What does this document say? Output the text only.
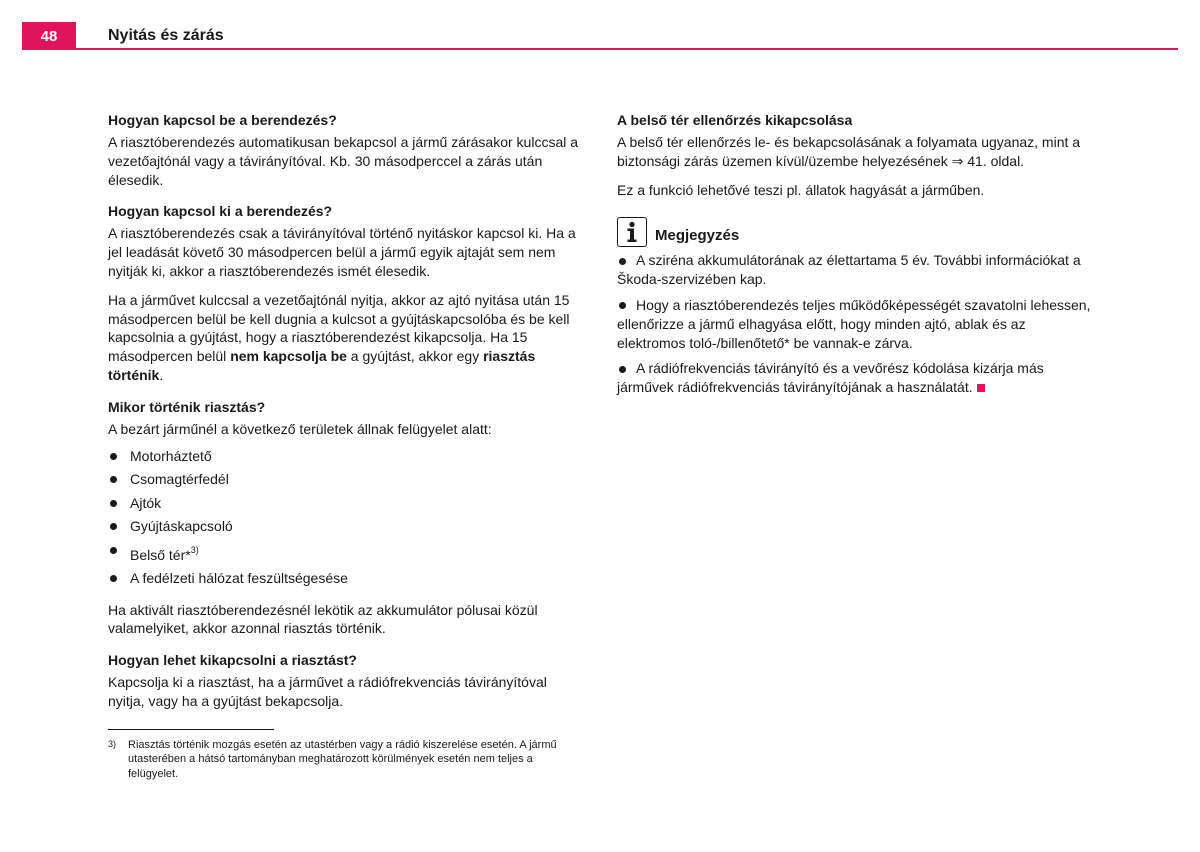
48	Nyitás és zárás
Hogyan kapcsol be a berendezés?

A riasztóberendezés automatikusan bekapcsol a jármű zárásakor kulccsal a vezetőajtónál vagy a távirányítóval. Kb. 30 másodperccel a zárás után élesedik.

Hogyan kapcsol ki a berendezés?

A riasztóberendezés csak a távirányítóval történő nyitáskor kapcsol ki. Ha a jel leadását követő 30 másodpercen belül a jármű egyik ajtaját sem nem nyitják ki, akkor a riasztóberendezés ismét élesedik.

Ha a járművet kulccsal a vezetőajtónál nyitja, akkor az ajtó nyitása után 15 másodpercen belül be kell dugnia a kulcsot a gyújtáskapcsolóba és be kell kapcsolnia a gyújtást, hogy a riasztóberendezést kikapcsolja. Ha 15 másodpercen belül nem kapcsolja be a gyújtást, akkor egy riasztás történik.

Mikor történik riasztás?

A bezárt járműnél a következő területek állnak felügyelet alatt:

Motorháztető
Csomagtérfedél
Ajtók
Gyújtáskapcsoló
Belső tér*$^{3)}$
A fedélzeti hálózat feszültségesése

Ha aktivált riasztóberendezésnél lekötik az akkumulátor pólusai közül valamelyiket, akkor azonnal riasztás történik.

Hogyan lehet kikapcsolni a riasztást?

Kapcsolja ki a riasztást, ha a járművet a rádiófrekvenciás távirányítóval nyitja, vagy ha a gyújtást bekapcsolja.

3)	Riasztás történik mozgás esetén az utastérben vagy a rádió kiszerelése esetén. A jármű utasterében a hátsó tartományban meghatározott körülmények esetén nem teljes a felügyelet.
A belső tér ellenőrzés kikapcsolása

A belső tér ellenőrzés le- és bekapcsolásának a folyamata ugyanaz, mint a biztonsági zárás üzemen kívül/üzembe helyezésének ⇒ 41. oldal.

Ez a funkció lehetővé teszi pl. állatok hagyását a járműben.

Megjegyzés

A sziréna akkumulátorának az élettartama 5 év. További információkat a Škoda-szervizében kap.

Hogy a riasztóberendezés teljes működőképességét szavatolni lehessen, ellenőrizze a jármű elhagyása előtt, hogy minden ajtó, ablak és az elektromos toló-/billenőtető* be vannak-e zárva.

A rádiófrekvenciás távirányító és a vevőrész kódolása kizárja más járművek rádiófrekvenciás távirányítójának a használatát.
